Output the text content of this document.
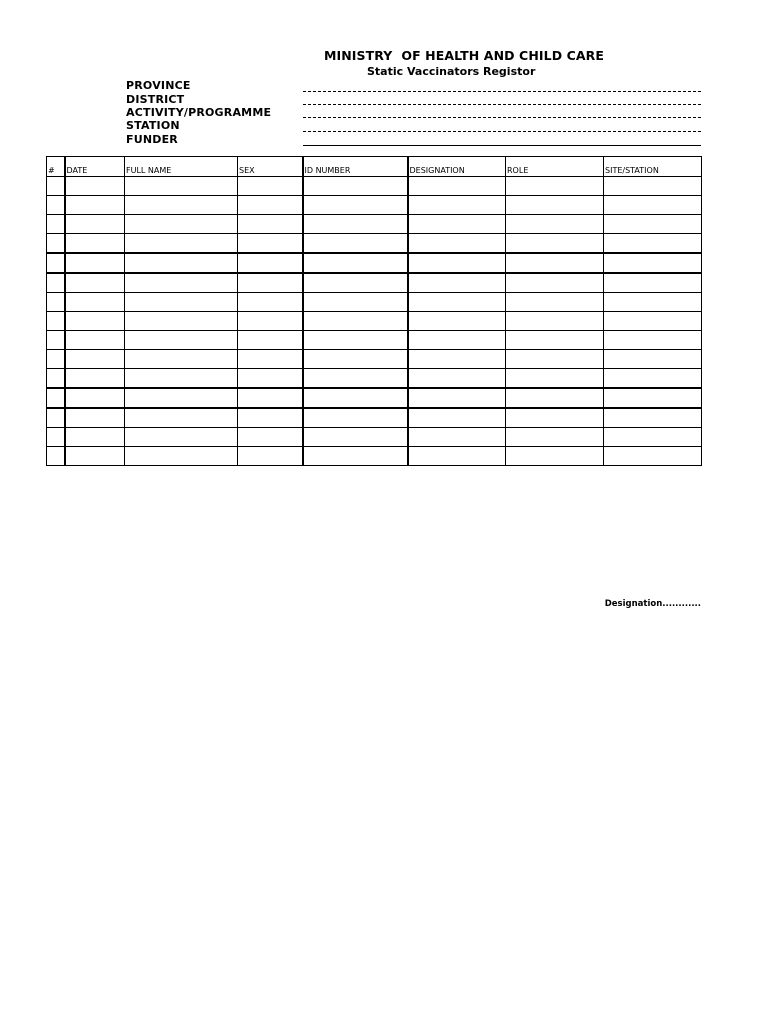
MINISTRY  OF HEALTH AND CHILD CARE
Static Vaccinators Registor
PROVINCE
DISTRICT
ACTIVITY/PROGRAMME
STATION
FUNDER
#	DATE	FULL NAME	SEX	ID NUMBER	DESIGNATION	ROLE	SITE/STATION

Designation............
